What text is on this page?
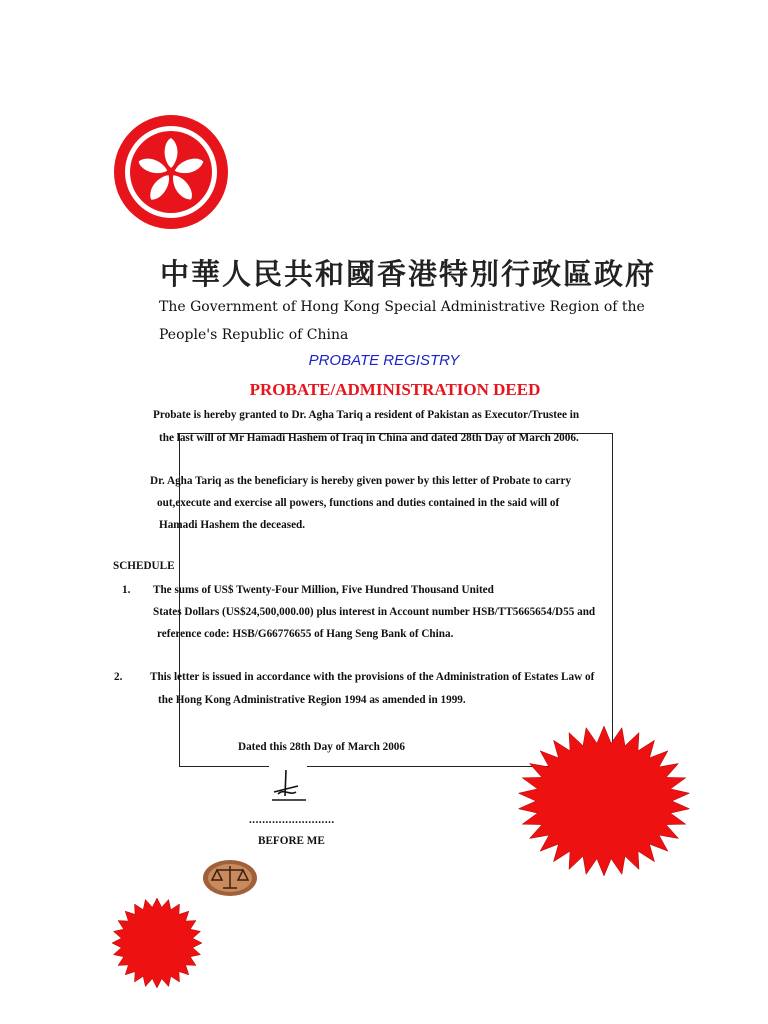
中華人民共和國香港特別行政區政府
The Government of Hong Kong Special Administrative Region of the
People's Republic of China
PROBATE REGISTRY
PROBATE/ADMINISTRATION DEED
Probate is hereby granted to Dr. Agha Tariq a resident of Pakistan as Executor/Trustee in
the last will of Mr Hamadi Hashem of Iraq in China and dated 28th Day of March 2006.
Dr. Agha Tariq as the beneficiary is hereby given power by this letter of Probate to carry
out,execute and exercise all powers, functions and duties contained in the said will of
Hamadi Hashem the deceased.
SCHEDULE
1. The sums of US$ Twenty-Four Million, Five Hundred Thousand United
States Dollars (US$24,500,000.00) plus interest in Account number HSB/TT5665654/D55 and
reference code: HSB/G66776655 of Hang Seng Bank of China.
2. This letter is issued in accordance with the provisions of the Administration of Estates Law of
the Hong Kong Administrative Region 1994 as amended in 1999.
Dated this 28th Day of March 2006
..........................
BEFORE ME
